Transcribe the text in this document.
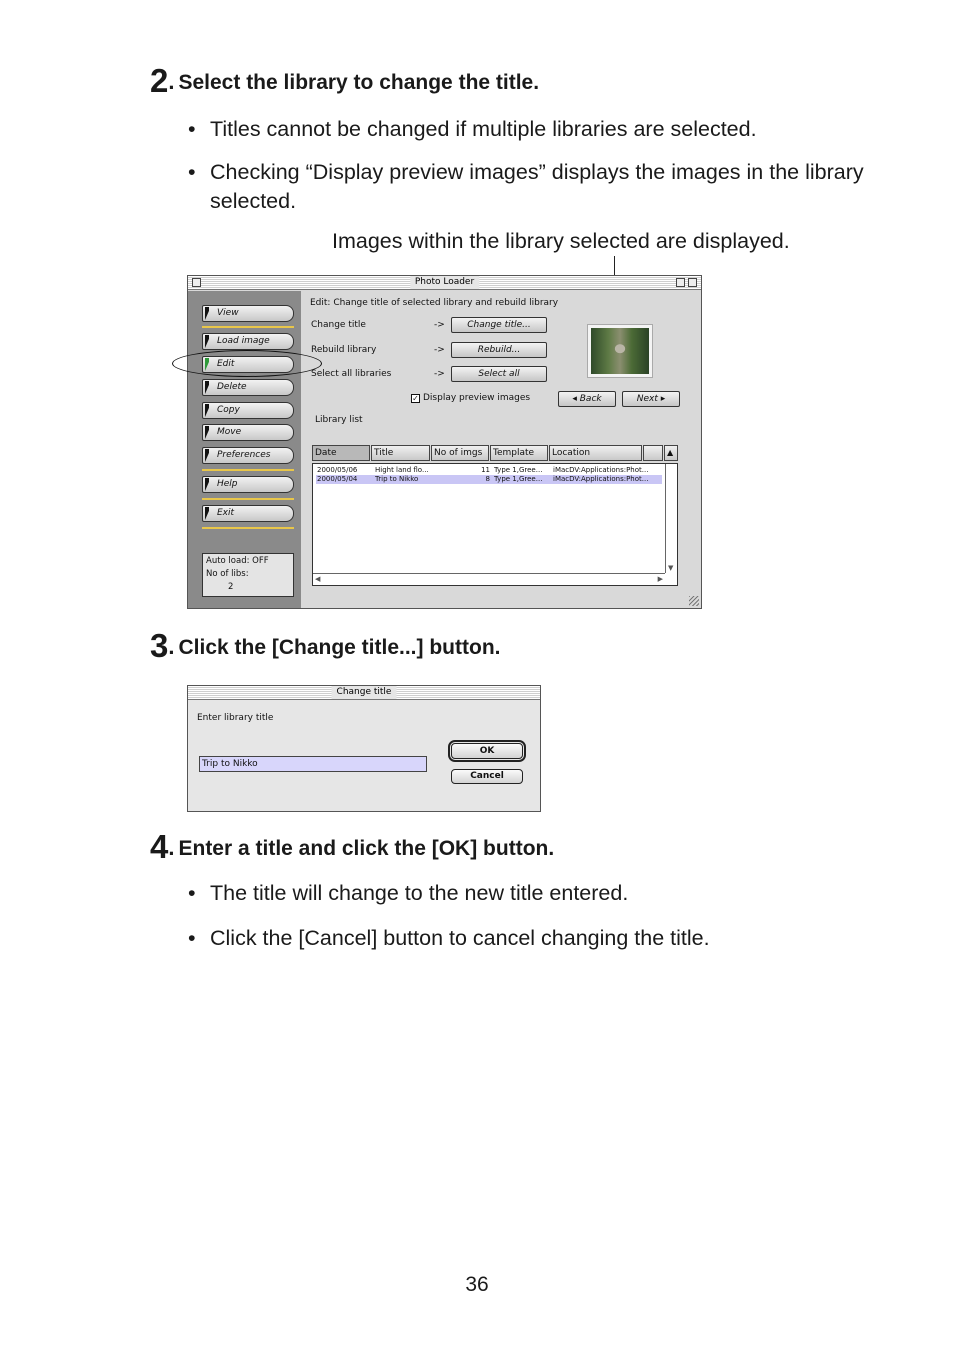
2. Select the library to change the title.
• Titles cannot be changed if multiple libraries are selected.
• Checking “Display preview images” displays the images in the library selected.
Images within the library selected are displayed.
Photo Loader
View
Load image
Edit
Delete
Copy
Move
Preferences
Help
Exit
Auto load: OFF
No of libs:
2
Edit: Change title of selected library and rebuild library
Change title	->	Change title...
Rebuild library	->	Rebuild...
Select all libraries	->	Select all
✓ Display preview images	◂ Back	Next ▸
Library list
Date	Title	No of imgs	Template	Location	▲
2000/05/06	Hight land flo...	11 Type 1,Gree...	iMacDV:Applications:Phot...
2000/05/04	Trip to Nikko	8 Type 1,Gree...	iMacDV:Applications:Phot...
▼
◀	▶
3. Click the [Change title...] button.
Change title
Enter library title
Trip to Nikko
OK
Cancel
4. Enter a title and click the [OK] button.
• The title will change to the new title entered.
• Click the [Cancel] button to cancel changing the title.
36
